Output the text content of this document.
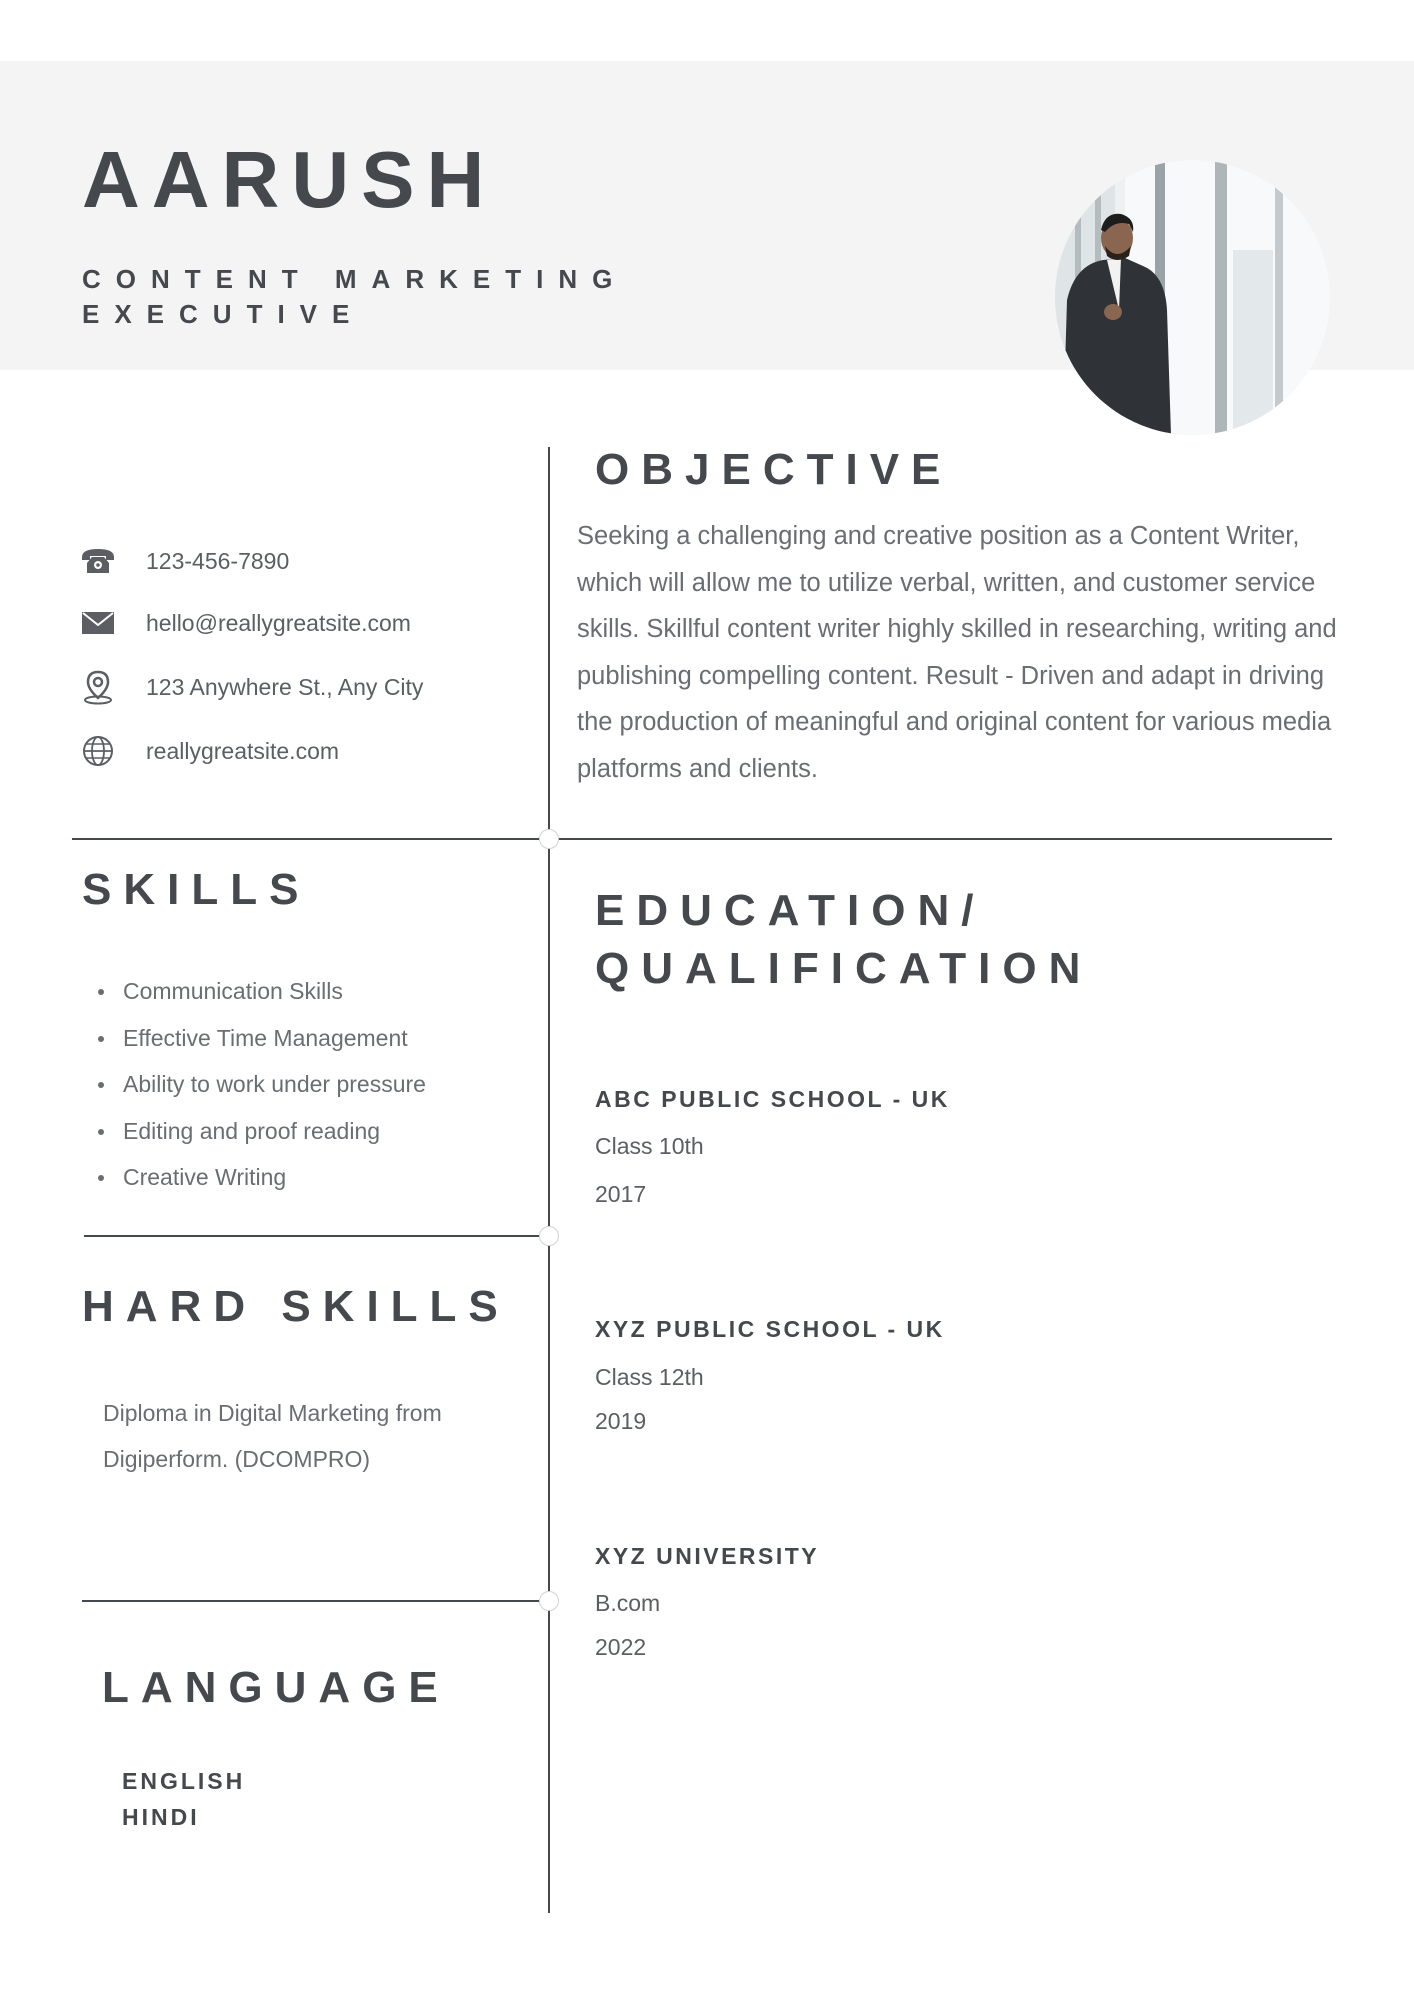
AARUSH
CONTENT MARKETING
EXECUTIVE
123-456-7890
hello@reallygreatsite.com
123 Anywhere St., Any City
reallygreatsite.com
OBJECTIVE
Seeking a challenging and creative position as a Content Writer, which will allow me to utilize verbal, written, and customer service skills. Skillful content writer highly skilled in researching, writing and publishing compelling content. Result - Driven and adapt in driving the production of meaningful and original content for various media platforms and clients.
SKILLS
Communication Skills
Effective Time Management
Ability to work under pressure
Editing and proof reading
Creative Writing
HARD SKILLS
Diploma in Digital Marketing from Digiperform. (DCOMPRO)
LANGUAGE
ENGLISH
HINDI
EDUCATION/
QUALIFICATION
ABC PUBLIC SCHOOL - UK
Class 10th
2017
XYZ PUBLIC SCHOOL - UK
Class 12th
2019
XYZ UNIVERSITY
B.com
2022
